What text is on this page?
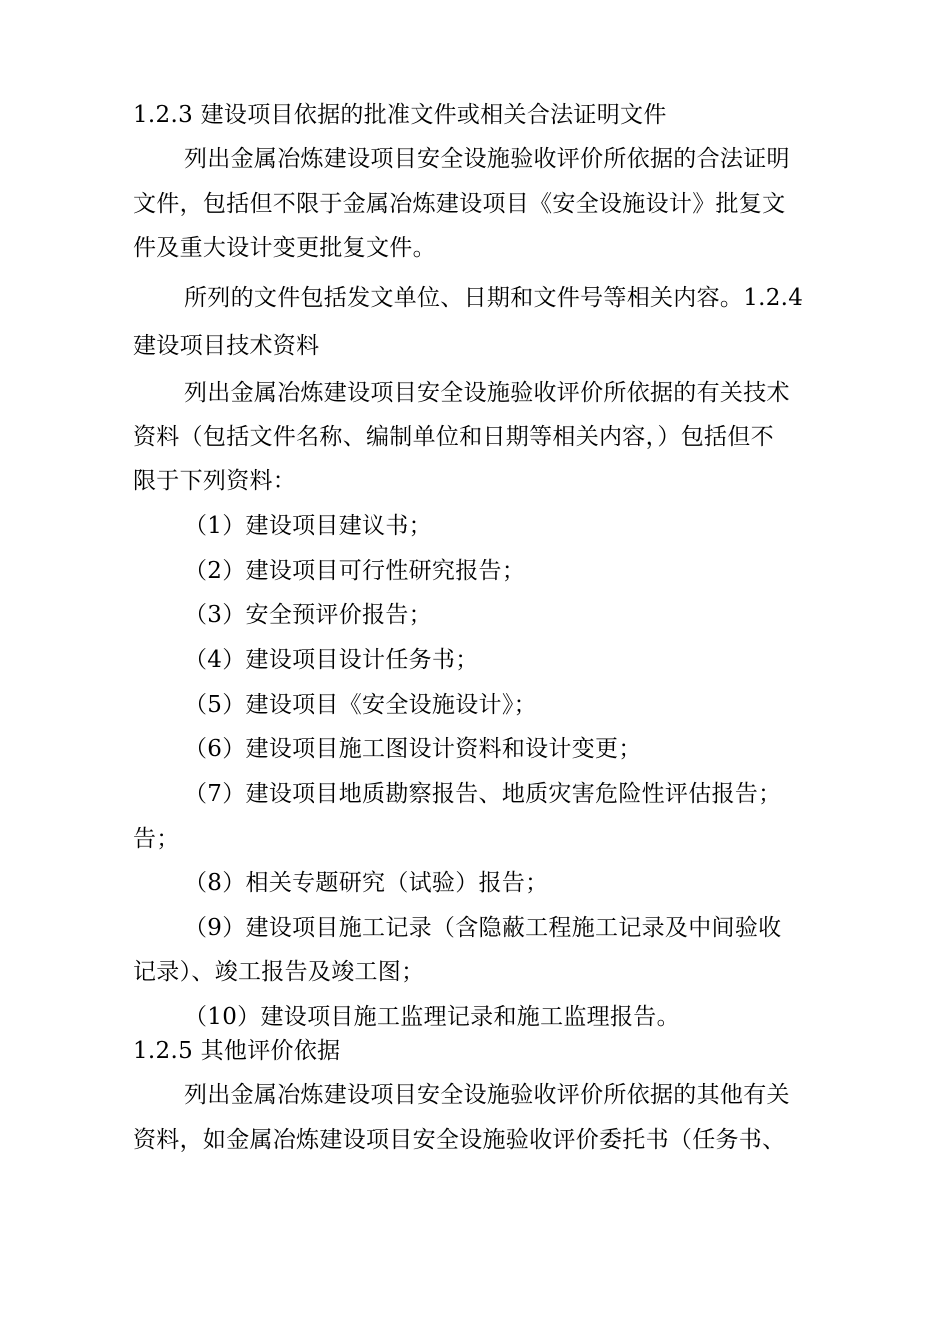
1.2.3 建设项目依据的批准文件或相关合法证明文件
列出金属冶炼建设项目安全设施验收评价所依据的合法证明
文件，包括但不限于金属冶炼建设项目《安全设施设计》批复文
件及重大设计变更批复文件。
所列的文件包括发文单位、日期和文件号等相关内容。1.2.4
建设项目技术资料
列出金属冶炼建设项目安全设施验收评价所依据的有关技术
资料（包括文件名称、编制单位和日期等相关内容，）包括但不
限于下列资料：
（1）建设项目建议书；
（2）建设项目可行性研究报告；
（3）安全预评价报告；
（4）建设项目设计任务书；
（5）建设项目《安全设施设计》；
（6）建设项目施工图设计资料和设计变更；
（7）建设项目地质勘察报告、地质灾害危险性评估报告；
告；
（8）相关专题研究（试验）报告；
（9）建设项目施工记录（含隐蔽工程施工记录及中间验收
记录）、竣工报告及竣工图；
（10）建设项目施工监理记录和施工监理报告。
1.2.5 其他评价依据
列出金属冶炼建设项目安全设施验收评价所依据的其他有关
资料，如金属冶炼建设项目安全设施验收评价委托书（任务书、
